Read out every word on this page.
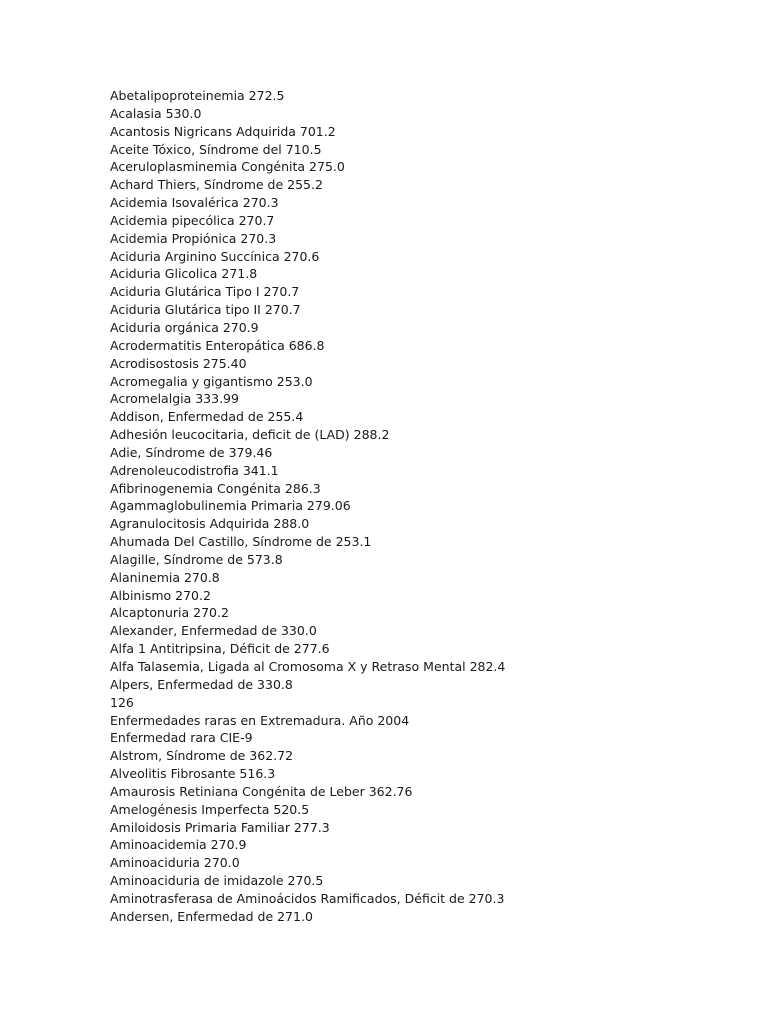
Abetalipoproteinemia 272.5
Acalasia 530.0
Acantosis Nigricans Adquirida 701.2
Aceite Tóxico, Síndrome del 710.5
Aceruloplasminemia Congénita 275.0
Achard Thiers, Síndrome de 255.2
Acidemia Isovalérica 270.3
Acidemia pipecólica 270.7
Acidemia Propiónica 270.3
Aciduria Arginino Succínica 270.6
Aciduria Glicolica 271.8
Aciduria Glutárica Tipo I 270.7
Aciduria Glutárica tipo II 270.7
Aciduria orgánica 270.9
Acrodermatitis Enteropática 686.8
Acrodisostosis 275.40
Acromegalia y gigantismo 253.0
Acromelalgia 333.99
Addison, Enfermedad de 255.4
Adhesión leucocitaria, deficit de (LAD) 288.2
Adie, Síndrome de 379.46
Adrenoleucodistrofia 341.1
Afibrinogenemia Congénita 286.3
Agammaglobulinemia Primaria 279.06
Agranulocitosis Adquirida 288.0
Ahumada Del Castillo, Síndrome de 253.1
Alagille, Síndrome de 573.8
Alaninemia 270.8
Albinismo 270.2
Alcaptonuria 270.2
Alexander, Enfermedad de 330.0
Alfa 1 Antitripsina, Déficit de 277.6
Alfa Talasemia, Ligada al Cromosoma X y Retraso Mental 282.4
Alpers, Enfermedad de 330.8
126
Enfermedades raras en Extremadura. Año 2004
Enfermedad rara CIE-9
Alstrom, Síndrome de 362.72
Alveolitis Fibrosante 516.3
Amaurosis Retiniana Congénita de Leber 362.76
Amelogénesis Imperfecta 520.5
Amiloidosis Primaria Familiar 277.3
Aminoacidemia 270.9
Aminoaciduria 270.0
Aminoaciduria de imidazole 270.5
Aminotrasferasa de Aminoácidos Ramificados, Déficit de 270.3
Andersen, Enfermedad de 271.0
